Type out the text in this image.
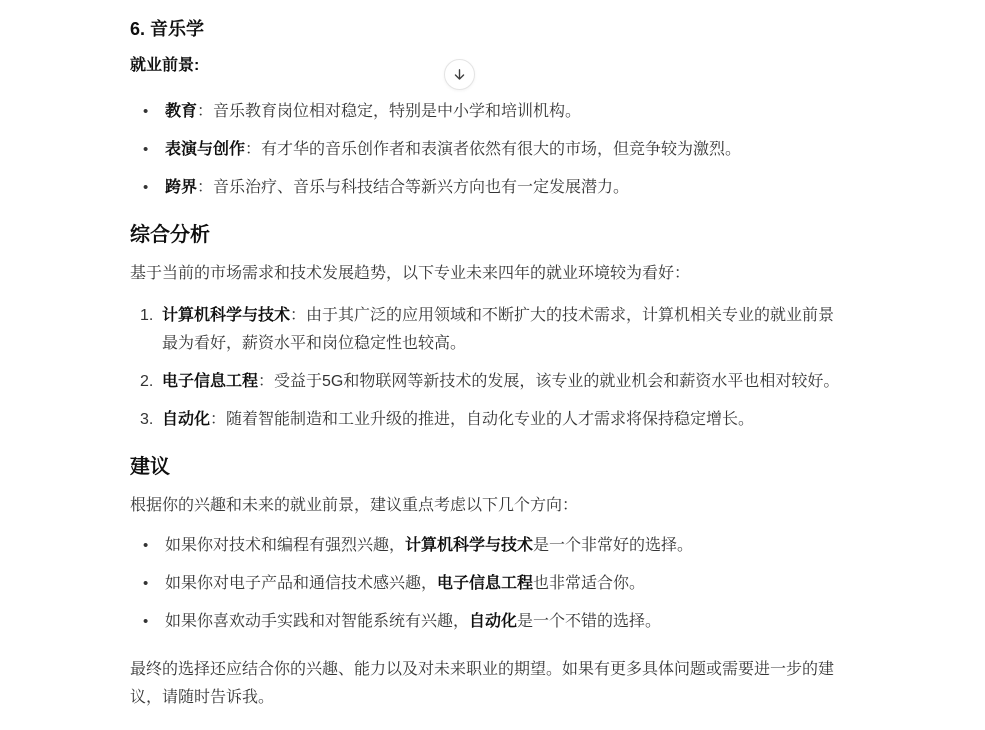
6. 音乐学

就业前景:

•	教育：音乐教育岗位相对稳定，特别是中小学和培训机构。
•	表演与创作：有才华的音乐创作者和表演者依然有很大的市场，但竞争较为激烈。
•	跨界：音乐治疗、音乐与科技结合等新兴方向也有一定发展潜力。
综合分析

基于当前的市场需求和技术发展趋势，以下专业未来四年的就业环境较为看好：

1. 计算机科学与技术：由于其广泛的应用领域和不断扩大的技术需求，计算机相关专业的就业前景最为看好，薪资水平和岗位稳定性也较高。
2. 电子信息工程：受益于5G和物联网等新技术的发展，该专业的就业机会和薪资水平也相对较好。
3. 自动化：随着智能制造和工业升级的推进，自动化专业的人才需求将保持稳定增长。
建议

根据你的兴趣和未来的就业前景，建议重点考虑以下几个方向：

•	如果你对技术和编程有强烈兴趣，计算机科学与技术是一个非常好的选择。
•	如果你对电子产品和通信技术感兴趣，电子信息工程也非常适合你。
•	如果你喜欢动手实践和对智能系统有兴趣，自动化是一个不错的选择。

最终的选择还应结合你的兴趣、能力以及对未来职业的期望。如果有更多具体问题或需要进一步的建议，请随时告诉我。
